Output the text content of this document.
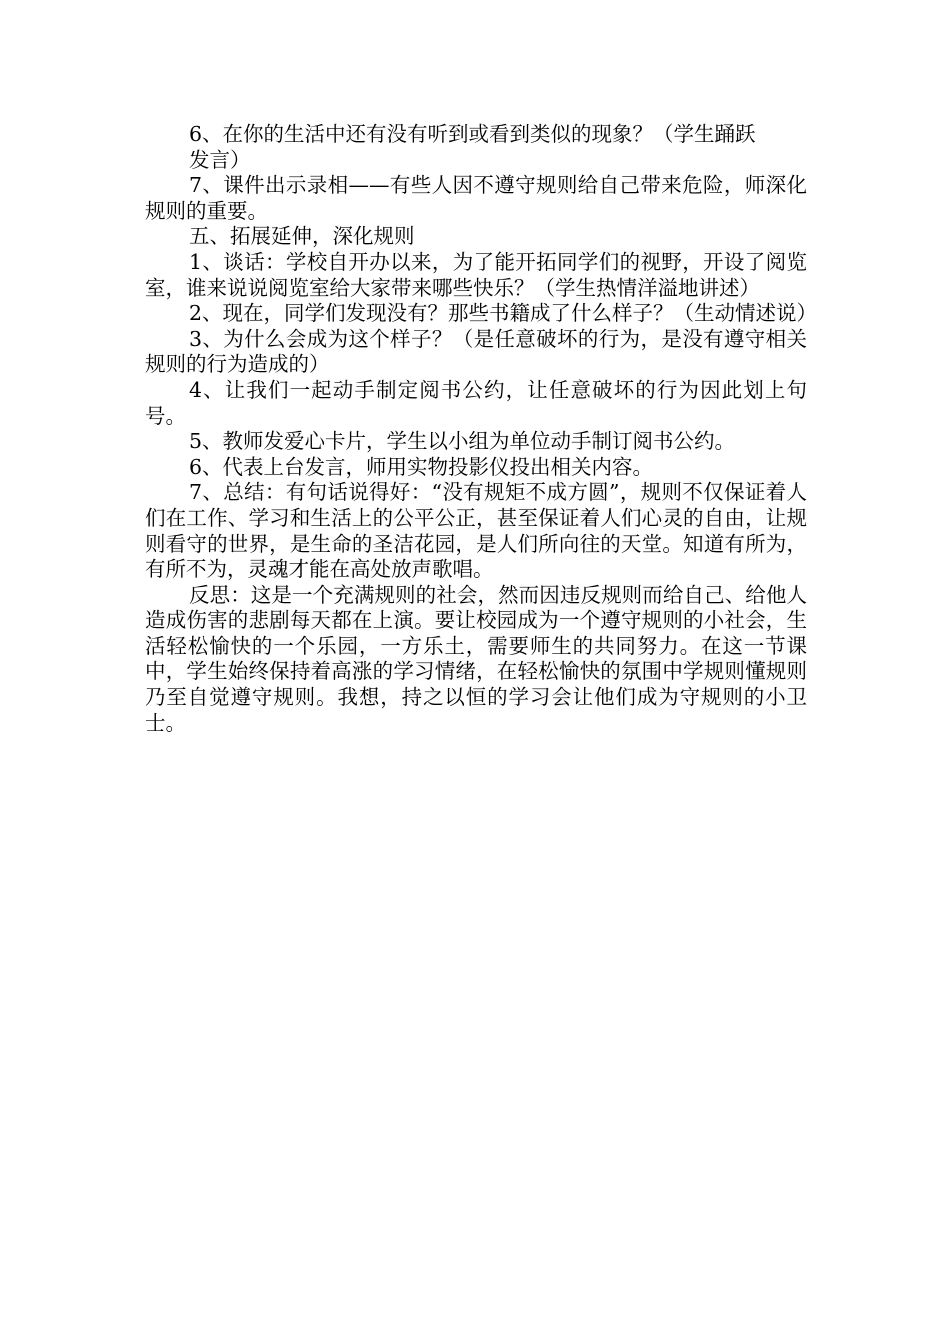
6、在你的生活中还有没有听到或看到类似的现象？（学生踊跃

发言）

7、课件出示录相——有些人因不遵守规则给自己带来危险，师深化规则的重要。

五、拓展延伸，深化规则

1、谈话：学校自开办以来，为了能开拓同学们的视野，开设了阅览室，谁来说说阅览室给大家带来哪些快乐？（学生热情洋溢地讲述）

2、现在，同学们发现没有？那些书籍成了什么样子？（生动情述说）

3、为什么会成为这个样子？（是任意破坏的行为，是没有遵守相关规则的行为造成的）

4、让我们一起动手制定阅书公约，让任意破坏的行为因此划上句号。

5、教师发爱心卡片，学生以小组为单位动手制订阅书公约。

6、代表上台发言，师用实物投影仪投出相关内容。

7、总结：有句话说得好：“没有规矩不成方圆”，规则不仅保证着人们在工作、学习和生活上的公平公正，甚至保证着人们心灵的自由，让规则看守的世界，是生命的圣洁花园，是人们所向往的天堂。知道有所为，有所不为，灵魂才能在高处放声歌唱。

反思：这是一个充满规则的社会，然而因违反规则而给自己、给他人造成伤害的悲剧每天都在上演。要让校园成为一个遵守规则的小社会，生活轻松愉快的一个乐园，一方乐土，需要师生的共同努力。在这一节课中，学生始终保持着高涨的学习情绪，在轻松愉快的氛围中学规则懂规则乃至自觉遵守规则。我想，持之以恒的学习会让他们成为守规则的小卫士。
